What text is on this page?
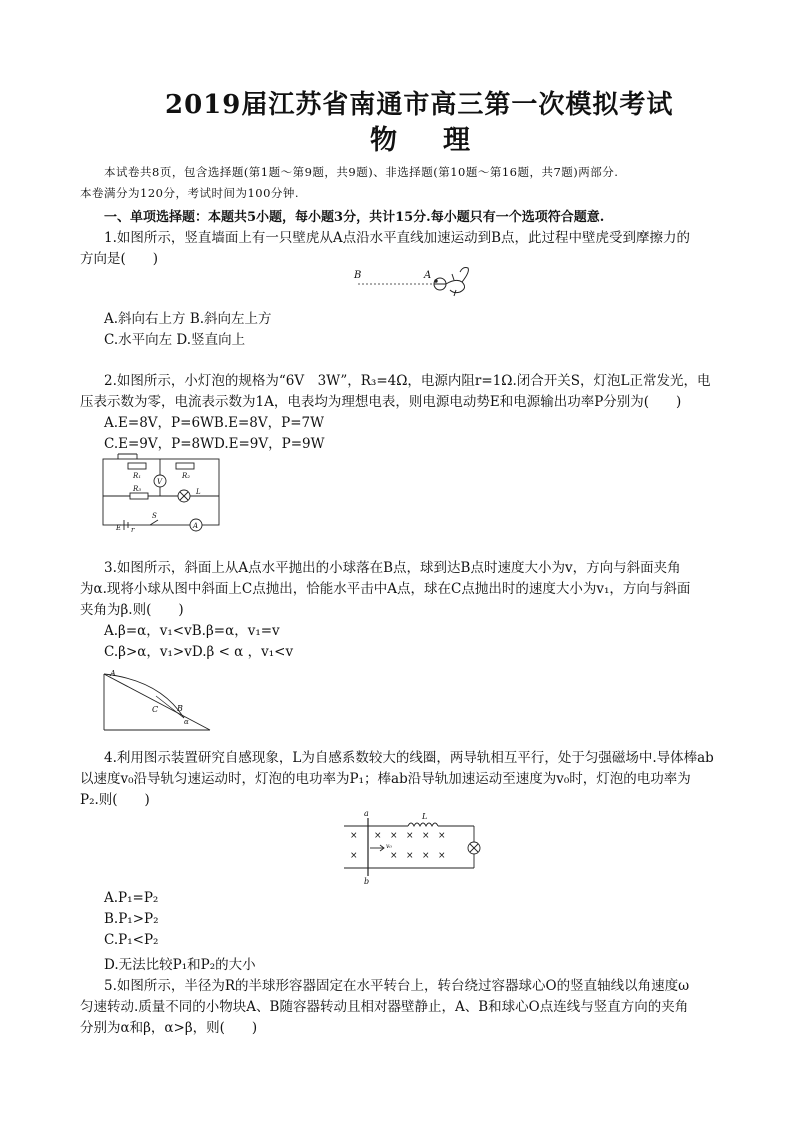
2019届江苏省南通市高三第一次模拟考试
物理
本试卷共8页，包含选择题(第1题～第9题，共9题)、非选择题(第10题～第16题，共7题)两部分.
本卷满分为120分，考试时间为100分钟.
一、单项选择题：本题共5小题，每小题3分，共计15分.每小题只有一个选项符合题意.
1.如图所示，竖直墙面上有一只壁虎从A点沿水平直线加速运动到B点，此过程中壁虎受到摩擦力的
方向是(　　)
B	A
A.斜向右上方 B.斜向左上方
C.水平向左 D.竖直向上
2.如图所示，小灯泡的规格为“6V　3W”，R₃=4Ω，电源内阻r=1Ω.闭合开关S，灯泡L正常发光，电
压表示数为零，电流表示数为1A，电表均为理想电表，则电源电动势E和电源输出功率P分别为(　　)
A.E=8V，P=6WB.E=8V，P=7W
C.E=9V，P=8WD.E=9V，P=9W
R₁	R₂
R₃
V
A
L
E r
S
3.如图所示，斜面上从A点水平抛出的小球落在B点，球到达B点时速度大小为v，方向与斜面夹角
为α.现将小球从图中斜面上C点抛出，恰能水平击中A点，球在C点抛出时的速度大小为v₁，方向与斜面
夹角为β.则(　　)
A.β=α，v₁<vB.β=α，v₁=v
C.β>α，v₁>vD.β < α ，v₁<v
A
B
C
α
4.利用图示装置研究自感现象，L为自感系数较大的线圈，两导轨相互平行，处于匀强磁场中.导体棒ab
以速度v₀沿导轨匀速运动时，灯泡的电功率为P₁；棒ab沿导轨加速运动至速度为v₀时，灯泡的电功率为
P₂.则(　　)
× × × × × ×
×	× × × ×
a
b
L
v₀
A.P₁=P₂
B.P₁>P₂
C.P₁<P₂
D.无法比较P₁和P₂的大小
5.如图所示，半径为R的半球形容器固定在水平转台上，转台绕过容器球心O的竖直轴线以角速度ω
匀速转动.质量不同的小物块A、B随容器转动且相对器壁静止，A、B和球心O点连线与竖直方向的夹角
分别为α和β，α>β，则(　　)
